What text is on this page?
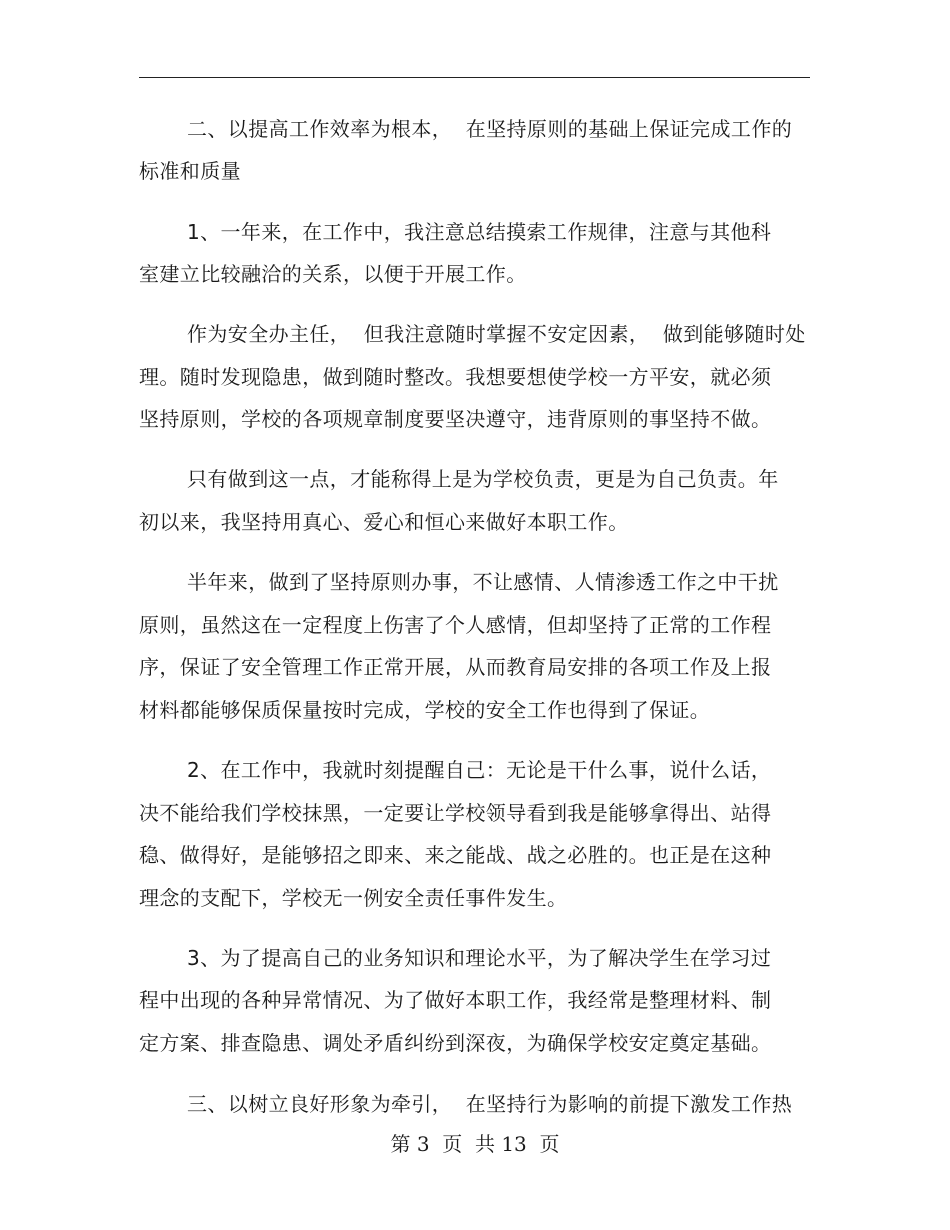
二、以提高工作效率为根本，  在坚持原则的基础上保证完成工作的
标准和质量
1、一年来，在工作中，我注意总结摸索工作规律，注意与其他科
室建立比较融洽的关系，以便于开展工作。
作为安全办主任，  但我注意随时掌握不安定因素，  做到能够随时处
理。随时发现隐患，做到随时整改。我想要想使学校一方平安，就必须
坚持原则，学校的各项规章制度要坚决遵守，违背原则的事坚持不做。
只有做到这一点，才能称得上是为学校负责，更是为自己负责。年
初以来，我坚持用真心、爱心和恒心来做好本职工作。
半年来，做到了坚持原则办事，不让感情、人情渗透工作之中干扰
原则，虽然这在一定程度上伤害了个人感情，但却坚持了正常的工作程
序，保证了安全管理工作正常开展，从而教育局安排的各项工作及上报
材料都能够保质保量按时完成，学校的安全工作也得到了保证。
2、在工作中，我就时刻提醒自己：无论是干什么事，说什么话，
决不能给我们学校抹黑，一定要让学校领导看到我是能够拿得出、站得
稳、做得好，是能够招之即来、来之能战、战之必胜的。也正是在这种
理念的支配下，学校无一例安全责任事件发生。
3、为了提高自己的业务知识和理论水平，为了解决学生在学习过
程中出现的各种异常情况、为了做好本职工作，我经常是整理材料、制
定方案、排查隐患、调处矛盾纠纷到深夜，为确保学校安定奠定基础。
三、以树立良好形象为牵引，  在坚持行为影响的前提下激发工作热
第 3  页  共 13  页
